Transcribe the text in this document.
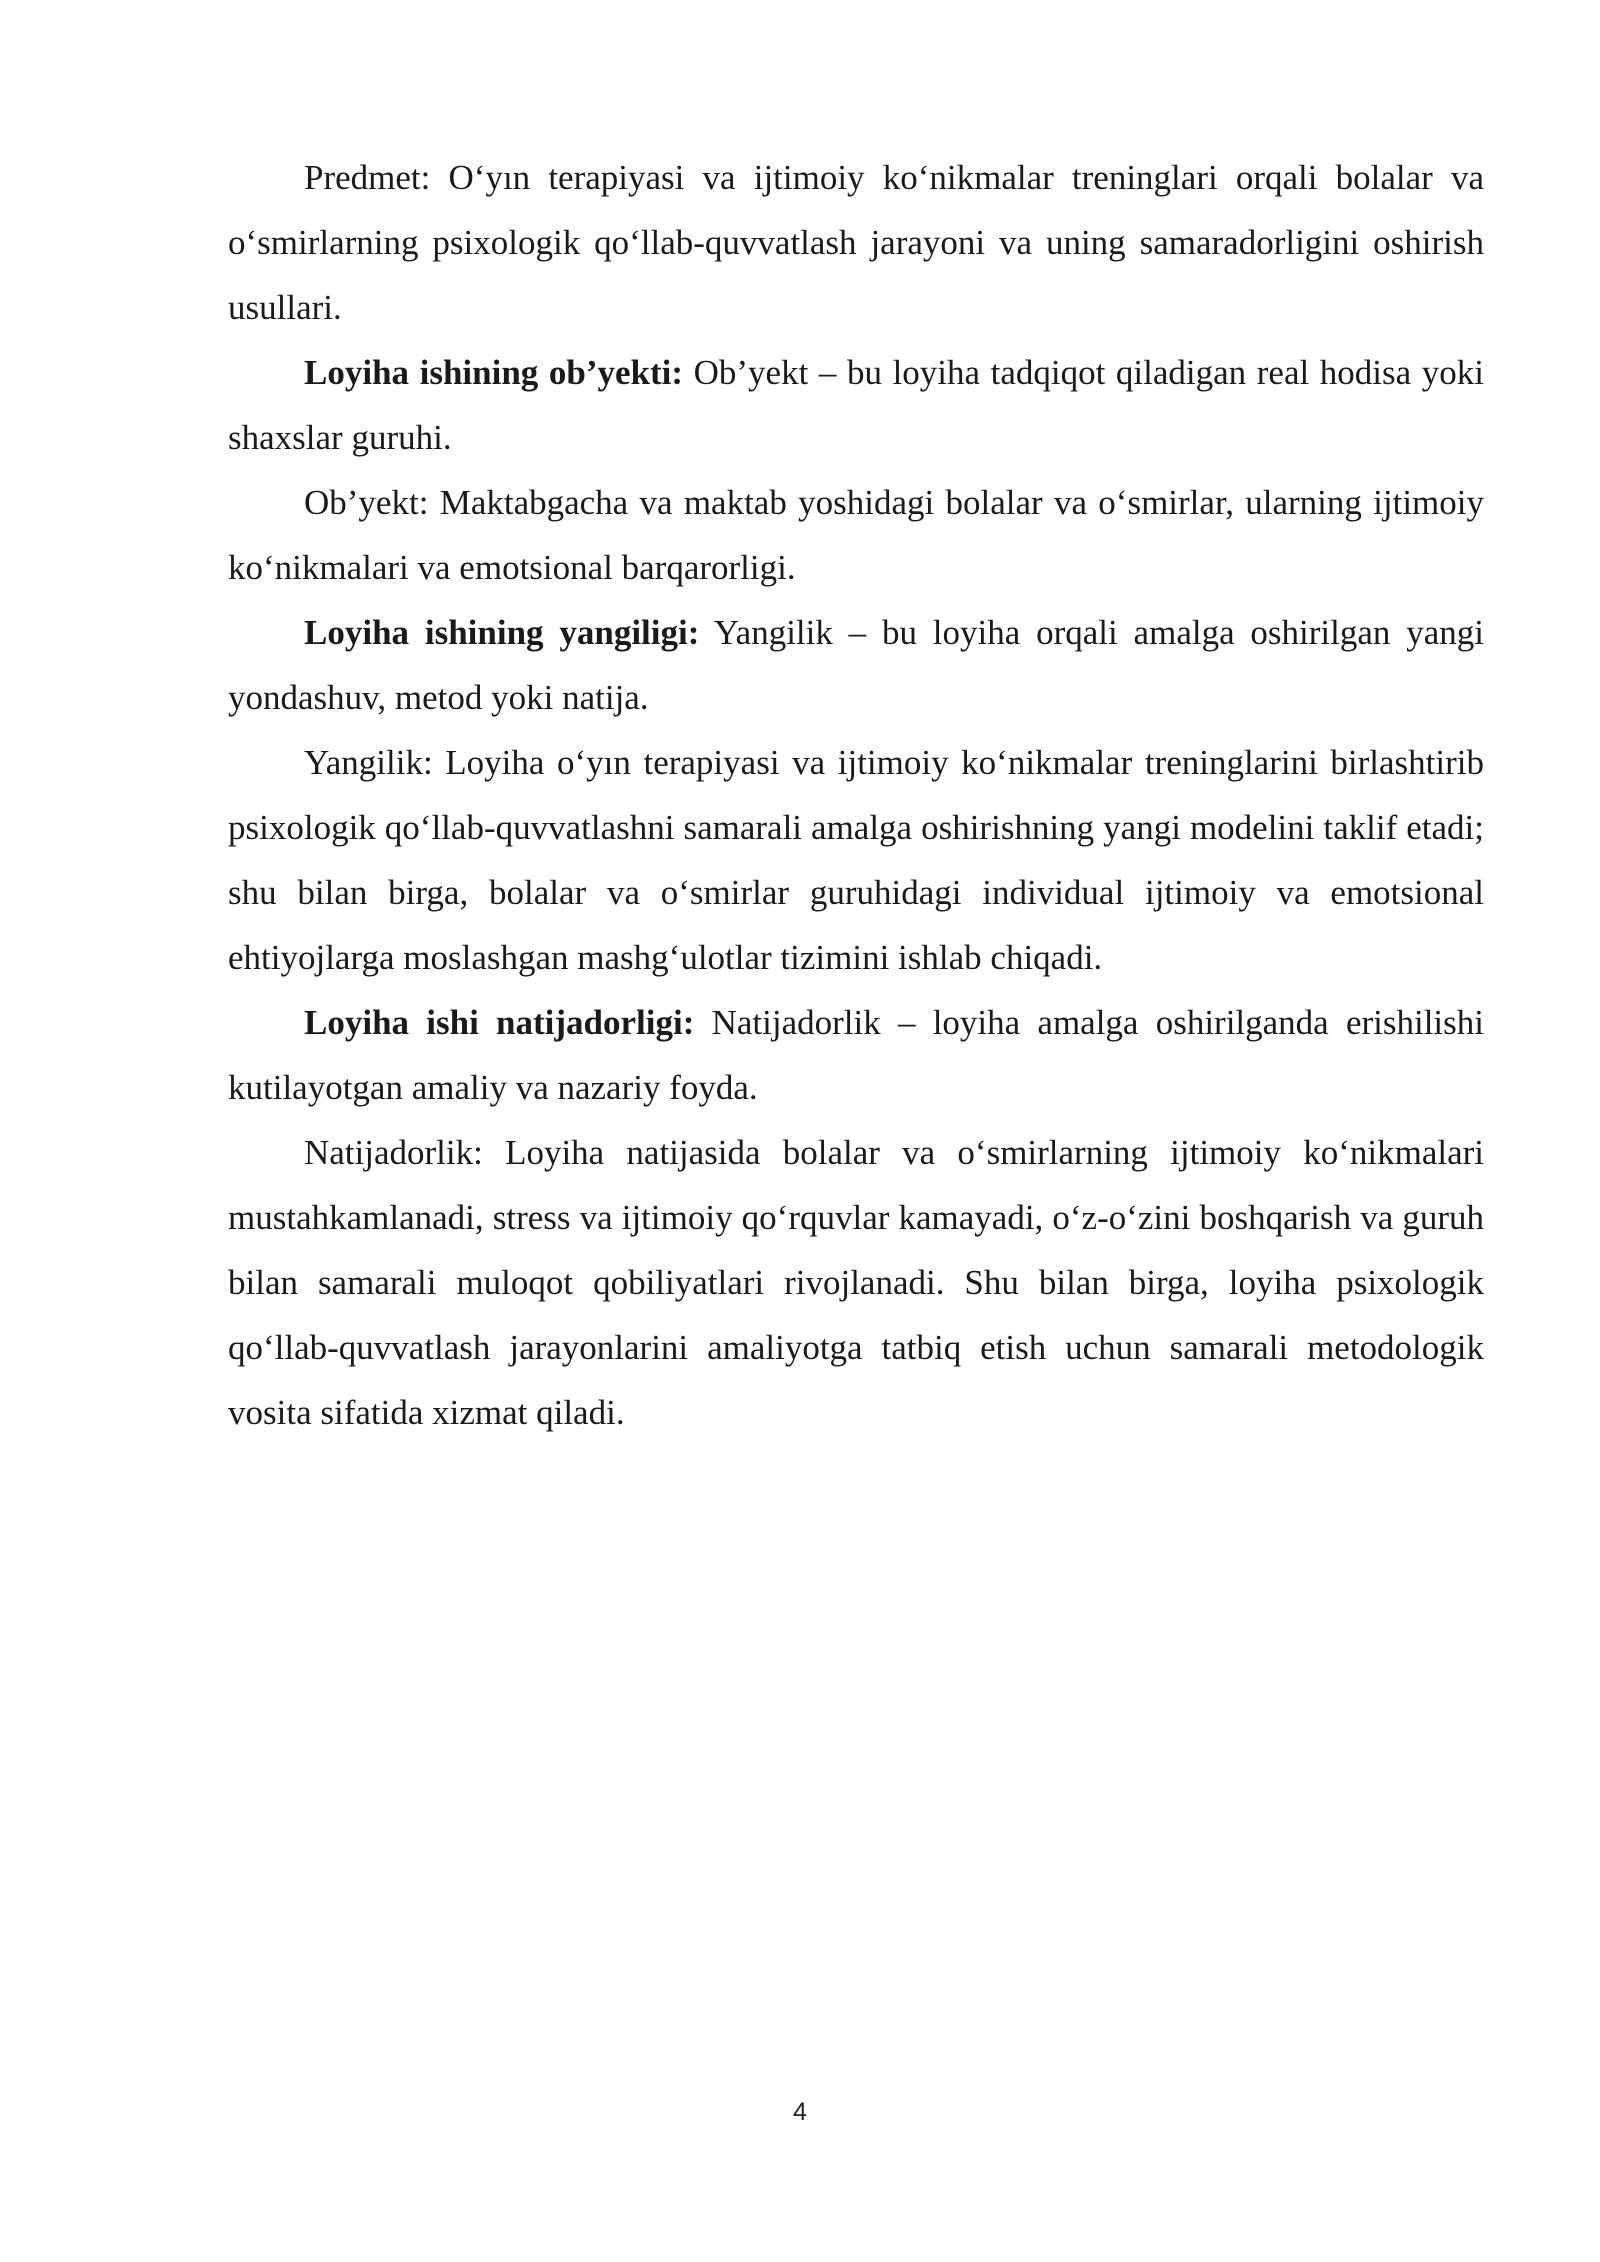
Predmet: O‘yın terapiyasi va ijtimoiy ko‘nikmalar treninglari orqali bolalar va o‘smirlarning psixologik qo‘llab-quvvatlash jarayoni va uning samaradorligini oshirish usullari.

Loyiha ishining ob’yekti: Ob’yekt – bu loyiha tadqiqot qiladigan real hodisa yoki shaxslar guruhi.

Ob’yekt: Maktabgacha va maktab yoshidagi bolalar va o‘smirlar, ularning ijtimoiy ko‘nikmalari va emotsional barqarorligi.

Loyiha ishining yangiligi: Yangilik – bu loyiha orqali amalga oshirilgan yangi yondashuv, metod yoki natija.

Yangilik: Loyiha o‘yın terapiyasi va ijtimoiy ko‘nikmalar treninglarini birlashtirib psixologik qo‘llab-quvvatlashni samarali amalga oshirishning yangi modelini taklif etadi; shu bilan birga, bolalar va o‘smirlar guruhidagi individual ijtimoiy va emotsional ehtiyojlarga moslashgan mashg‘ulotlar tizimini ishlab chiqadi.

Loyiha ishi natijadorligi: Natijadorlik – loyiha amalga oshirilganda erishilishi kutilayotgan amaliy va nazariy foyda.

Natijadorlik: Loyiha natijasida bolalar va o‘smirlarning ijtimoiy ko‘nikmalari mustahkamlanadi, stress va ijtimoiy qo‘rquvlar kamayadi, o‘z-o‘zini boshqarish va guruh bilan samarali muloqot qobiliyatlari rivojlanadi. Shu bilan birga, loyiha psixologik qo‘llab-quvvatlash jarayonlarini amaliyotga tatbiq etish uchun samarali metodologik vosita sifatida xizmat qiladi.

4
